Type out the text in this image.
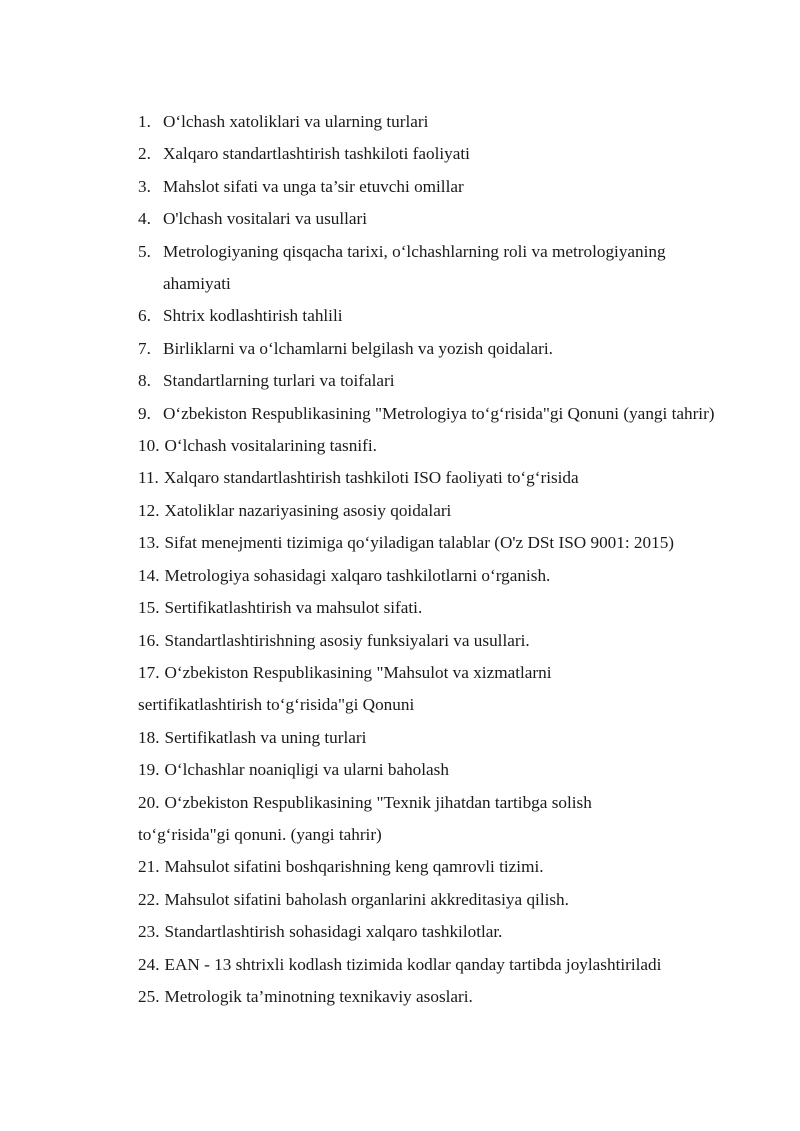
1. O‘lchash xatoliklari va ularning turlari
2. Xalqaro standartlashtirish tashkiloti faoliyati
3. Mahslot sifati va unga ta’sir etuvchi omillar
4. O'lchash vositalari va usullari
5. Metrologiyaning qisqacha tarixi, o‘lchashlarning roli va metrologiyaning ahamiyati
6. Shtrix kodlashtirish tahlili
7. Birliklarni va o‘lchamlarni belgilash va yozish qoidalari.
8. Standartlarning turlari va toifalari
9. O‘zbekiston Respublikasining "Metrologiya to‘g‘risida"gi Qonuni (yangi tahrir)
10. O‘lchash vositalarining tasnifi.
11. Xalqaro standartlashtirish tashkiloti ISO faoliyati to‘g‘risida
12. Xatoliklar nazariyasining asosiy qoidalari
13. Sifat menejmenti tizimiga qo‘yiladigan talablar (O'z DSt ISO 9001: 2015)
14. Metrologiya sohasidagi xalqaro tashkilotlarni o‘rganish.
15. Sertifikatlashtirish va mahsulot sifati.
16. Standartlashtirishning asosiy funksiyalari va usullari.
17. O‘zbekiston Respublikasining "Mahsulot va xizmatlarni sertifikatlashtirish to‘g‘risida"gi Qonuni
18. Sertifikatlash va uning turlari
19. O‘lchashlar noaniqligi va ularni baholash
20. O‘zbekiston Respublikasining "Texnik jihatdan tartibga solish to‘g‘risida"gi qonuni. (yangi tahrir)
21. Mahsulot sifatini boshqarishning keng qamrovli tizimi.
22. Mahsulot sifatini baholash organlarini akkreditasiya qilish.
23. Standartlashtirish sohasidagi xalqaro tashkilotlar.
24. EAN - 13 shtrixli kodlash tizimida kodlar qanday tartibda joylashtiriladi
25. Metrologik ta’minotning texnikaviy asoslari.
